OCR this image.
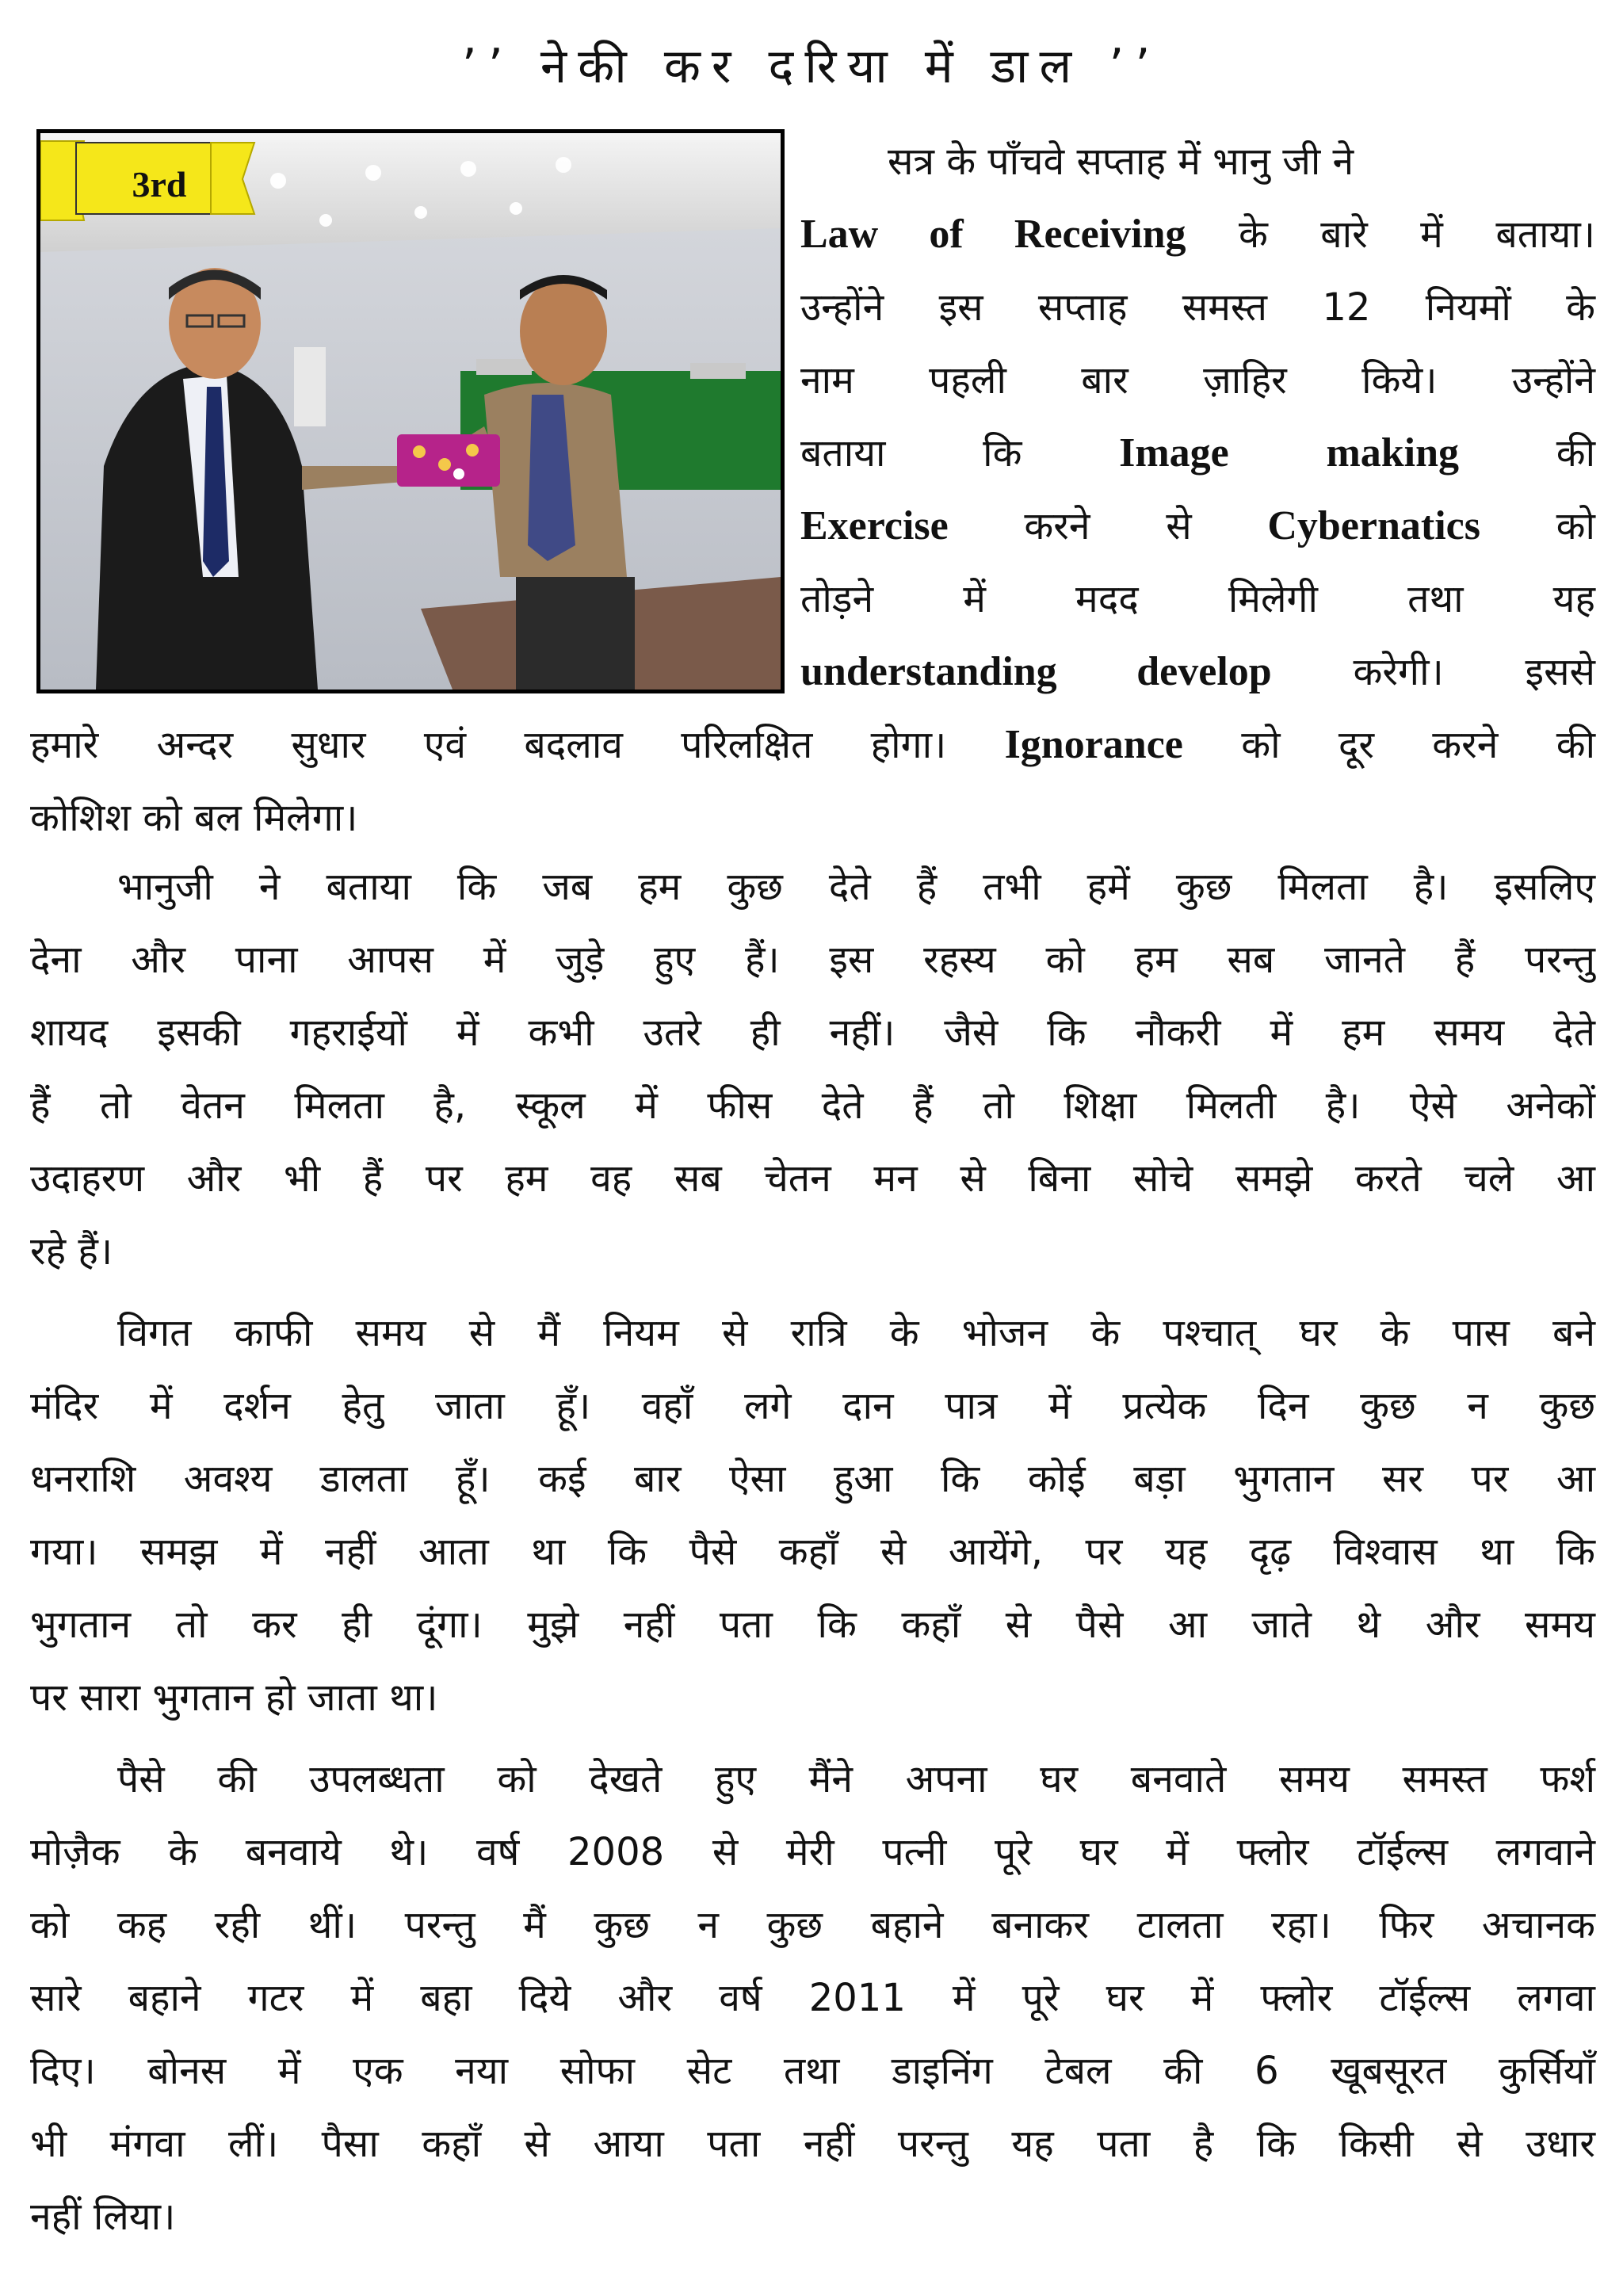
’’ नेकी कर दरिया में डाल ’’
3rd
सत्र के पाँचवे सप्ताह में भानु जी ने
Law of Receiving के बारे में बताया।
उन्होंने इस सप्ताह समस्त 12 नियमों के
नाम पहली बार ज़ाहिर किये। उन्होंने
बताया	कि Image making	की
Exercise करने से Cybernatics को
तोड़ने में मदद मिलेगी तथा यह
understanding develop करेगी। इससे
हमारे अन्दर सुधार एवं बदलाव परिलक्षित होगा। Ignorance को दूर करने की
कोशिश को बल मिलेगा।
भानुजी ने बताया कि जब हम कुछ देते हैं तभी हमें कुछ मिलता है। इसलिए
देना और पाना आपस में जुड़े हुए हैं। इस रहस्य को हम सब जानते हैं परन्तु
शायद इसकी गहराईयों में कभी उतरे ही नहीं। जैसे कि नौकरी में हम समय देते
हैं तो वेतन मिलता है, स्कूल में फीस देते हैं तो शिक्षा मिलती है। ऐसे अनेकों
उदाहरण और भी हैं पर हम वह सब चेतन मन से बिना सोचे समझे करते चले आ
रहे हैं।
विगत काफी समय से मैं नियम से रात्रि के भोजन के पश्चात् घर के पास बने
मंदिर में दर्शन हेतु जाता हूँ। वहाँ लगे दान पात्र में प्रत्येक दिन कुछ न कुछ
धनराशि अवश्य डालता हूँ। कई बार ऐसा हुआ कि कोई बड़ा भुगतान सर पर आ
गया। समझ में नहीं आता था कि पैसे कहाँ से आयेंगे, पर यह दृढ़ विश्वास था कि
भुगतान तो कर ही दूंगा। मुझे नहीं पता कि कहाँ से पैसे आ जाते थे और समय
पर सारा भुगतान हो जाता था।
पैसे की उपलब्धता को देखते हुए मैंने अपना घर बनवाते समय समस्त फर्श
मोज़ैक के बनवाये थे। वर्ष 2008 से मेरी पत्नी पूरे घर में फ्लोर टॉईल्स लगवाने
को कह रही थीं। परन्तु मैं कुछ न कुछ बहाने बनाकर टालता रहा। फिर अचानक
सारे बहाने गटर में बहा दिये और वर्ष 2011 में पूरे घर में फ्लोर टॉईल्स लगवा
दिए। बोनस में एक नया सोफा सेट तथा डाइनिंग टेबल की 6 खूबसूरत कुर्सियाँ
भी मंगवा लीं। पैसा कहाँ से आया पता नहीं परन्तु यह पता है कि किसी से उधार
नहीं लिया।
